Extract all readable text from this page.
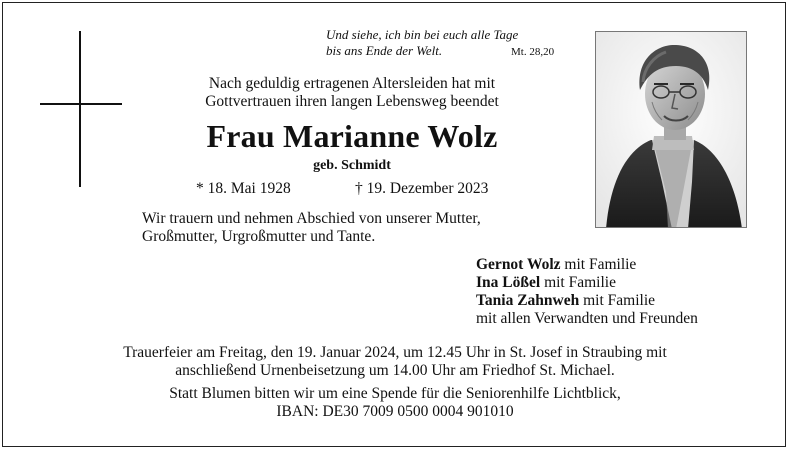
Und siehe, ich bin bei euch alle Tage
bis ans Ende der Welt.	Mt. 28,20
Nach geduldig ertragenen Altersleiden hat mit
Gottvertrauen ihren langen Lebensweg beendet
Frau Marianne Wolz
geb. Schmidt
* 18. Mai 1928	† 19. Dezember 2023
Wir trauern und nehmen Abschied von unserer Mutter,
Großmutter, Urgroßmutter und Tante.
Gernot Wolz mit Familie
Ina Lößel mit Familie
Tania Zahnweh mit Familie
mit allen Verwandten und Freunden
Trauerfeier am Freitag, den 19. Januar 2024, um 12.45 Uhr in St. Josef in Straubing mit
anschließend Urnenbeisetzung um 14.00 Uhr am Friedhof St. Michael.
Statt Blumen bitten wir um eine Spende für die Seniorenhilfe Lichtblick,
IBAN: DE30 7009 0500 0004 901010
